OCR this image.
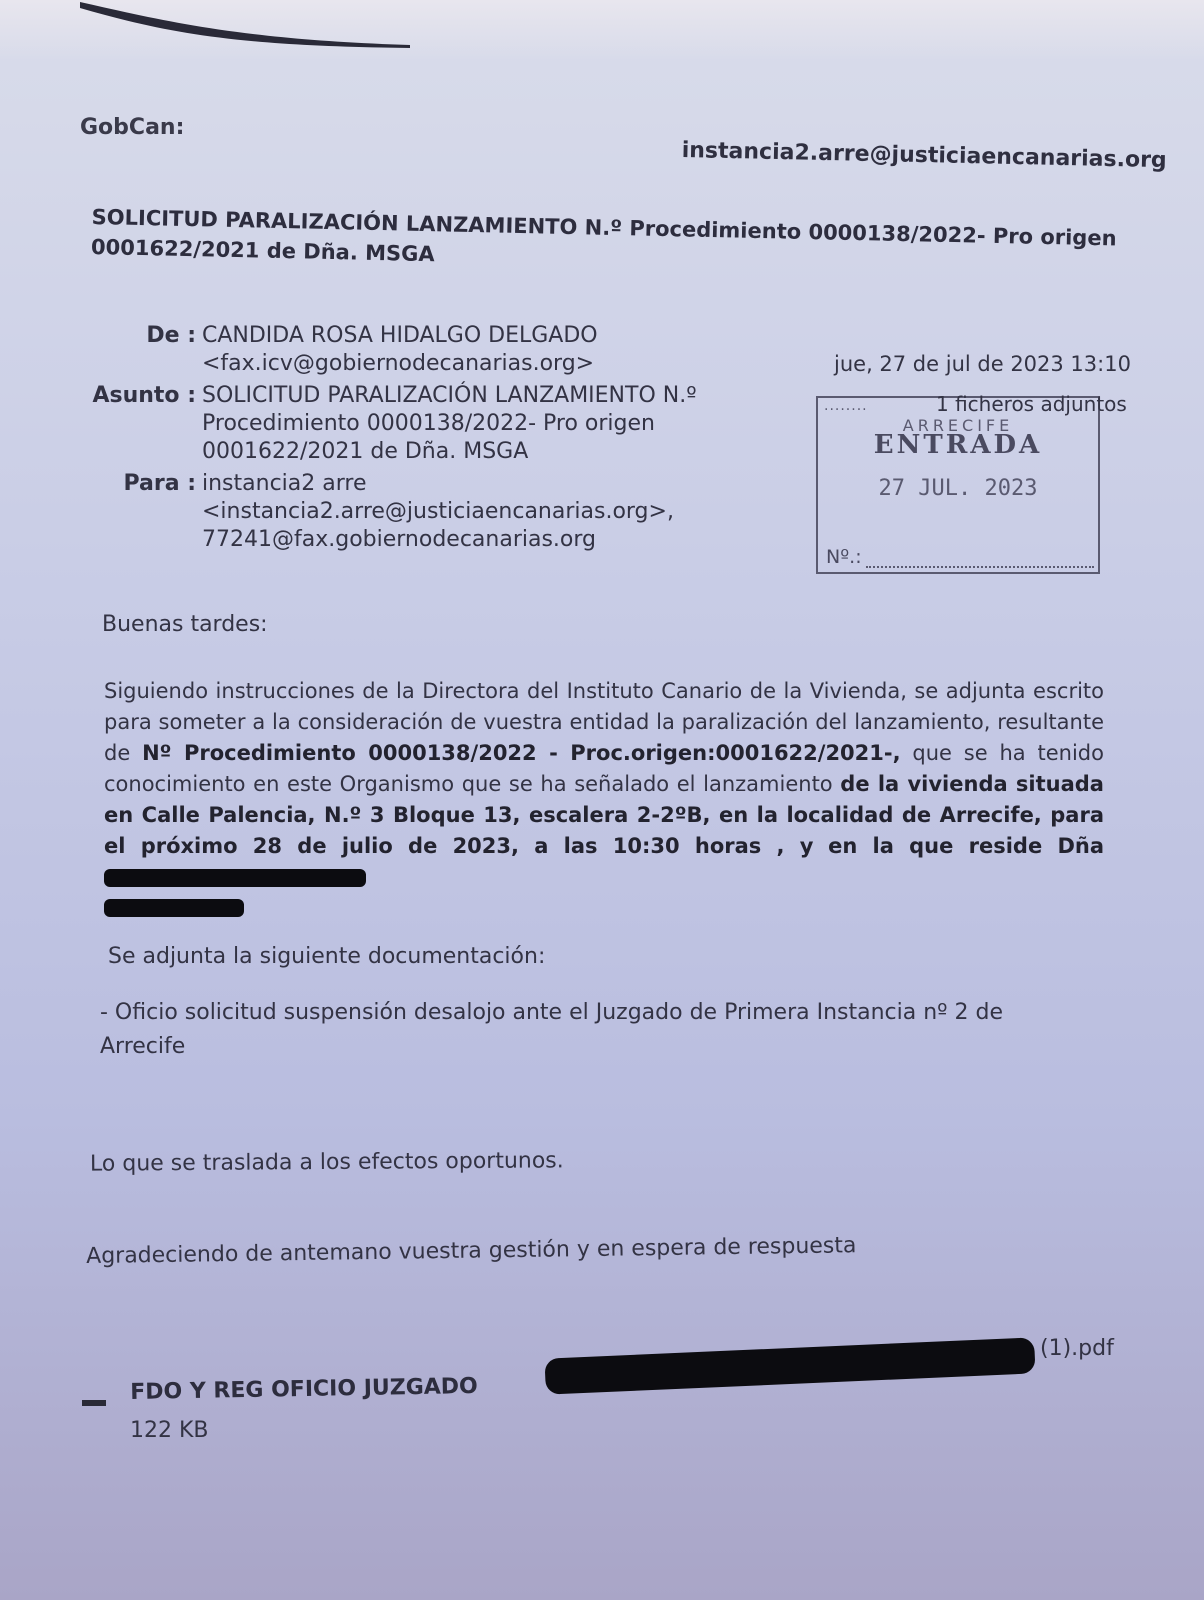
GobCan:
instancia2.arre@justiciaencanarias.org
SOLICITUD PARALIZACIÓN LANZAMIENTO N.º Procedimiento 0000138/2022- Pro origen 0001622/2021 de Dña. MSGA
De : CANDIDA ROSA HIDALGO DELGADO
<fax.icv@gobiernodecanarias.org>
Asunto : SOLICITUD PARALIZACIÓN LANZAMIENTO N.º Procedimiento 0000138/2022- Pro origen 0001622/2021 de Dña. MSGA
Para : instancia2 arre
<instancia2.arre@justiciaencanarias.org>,
77241@fax.gobiernodecanarias.org
jue, 27 de jul de 2023 13:10
........
ARRECIFE
ENTRADA
27 JUL. 2023
Nº.:
1 ficheros adjuntos
Buenas tardes:
Siguiendo instrucciones de la Directora del Instituto Canario de la Vivienda, se adjunta escrito para someter a la consideración de vuestra entidad la paralización del lanzamiento, resultante de Nº Procedimiento 0000138/2022 - Proc.origen:0001622/2021-, que se ha tenido conocimiento en este Organismo que se ha señalado el lanzamiento de la vivienda situada en Calle Palencia, N.º 3 Bloque 13, escalera 2-2ºB, en la localidad de Arrecife, para el próximo 28 de julio de 2023, a las 10:30 horas , y en la que reside Dña
Se adjunta la siguiente documentación:
- Oficio solicitud suspensión desalojo ante el Juzgado de Primera Instancia nº 2 de Arrecife
Lo que se traslada a los efectos oportunos.
Agradeciendo de antemano vuestra gestión y en espera de respuesta
FDO Y REG OFICIO JUZGADO
(1).pdf
122 KB
